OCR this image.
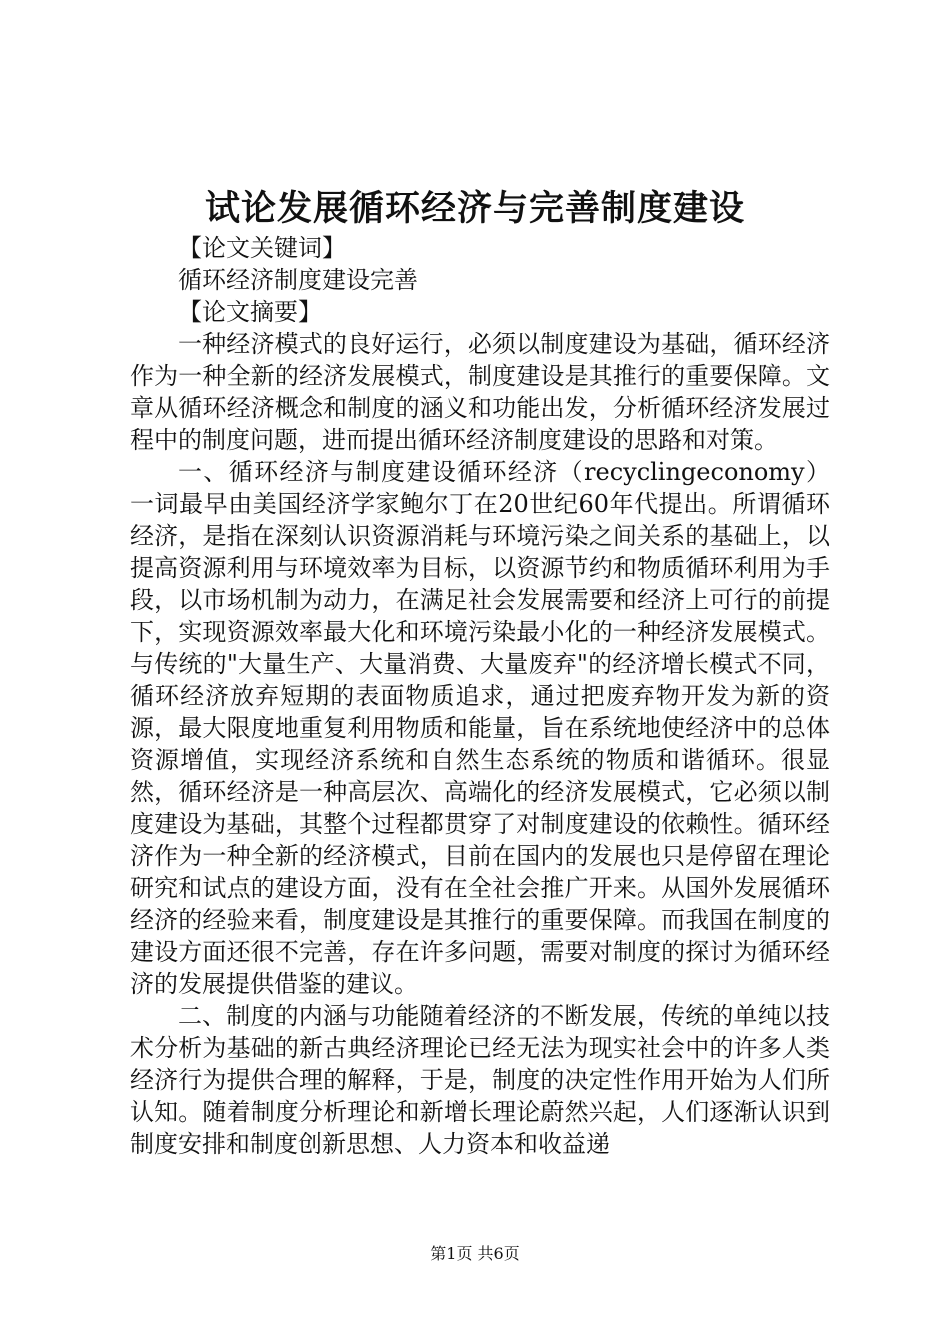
试论发展循环经济与完善制度建设

【论文关键词】

循环经济制度建设完善

【论文摘要】

一种经济模式的良好运行，必须以制度建设为基础，循环经济作为一种全新的经济发展模式，制度建设是其推行的重要保障。文章从循环经济概念和制度的涵义和功能出发，分析循环经济发展过程中的制度问题，进而提出循环经济制度建设的思路和对策。

一、循环经济与制度建设循环经济（recyclingeconomy）一词最早由美国经济学家鲍尔丁在20世纪60年代提出。所谓循环经济，是指在深刻认识资源消耗与环境污染之间关系的基础上，以提高资源利用与环境效率为目标，以资源节约和物质循环利用为手段，以市场机制为动力，在满足社会发展需要和经济上可行的前提下，实现资源效率最大化和环境污染最小化的一种经济发展模式。与传统的"大量生产、大量消费、大量废弃"的经济增长模式不同，循环经济放弃短期的表面物质追求，通过把废弃物开发为新的资源，最大限度地重复利用物质和能量，旨在系统地使经济中的总体资源增值，实现经济系统和自然生态系统的物质和谐循环。很显然，循环经济是一种高层次、高端化的经济发展模式，它必须以制度建设为基础，其整个过程都贯穿了对制度建设的依赖性。循环经济作为一种全新的经济模式，目前在国内的发展也只是停留在理论研究和试点的建设方面，没有在全社会推广开来。从国外发展循环经济的经验来看，制度建设是其推行的重要保障。而我国在制度的建设方面还很不完善，存在许多问题，需要对制度的探讨为循环经济的发展提供借鉴的建议。

二、制度的内涵与功能随着经济的不断发展，传统的单纯以技术分析为基础的新古典经济理论已经无法为现实社会中的许多人类经济行为提供合理的解释，于是，制度的决定性作用开始为人们所认知。随着制度分析理论和新增长理论蔚然兴起，人们逐渐认识到制度安排和制度创新思想、人力资本和收益递

第1页 共6页
